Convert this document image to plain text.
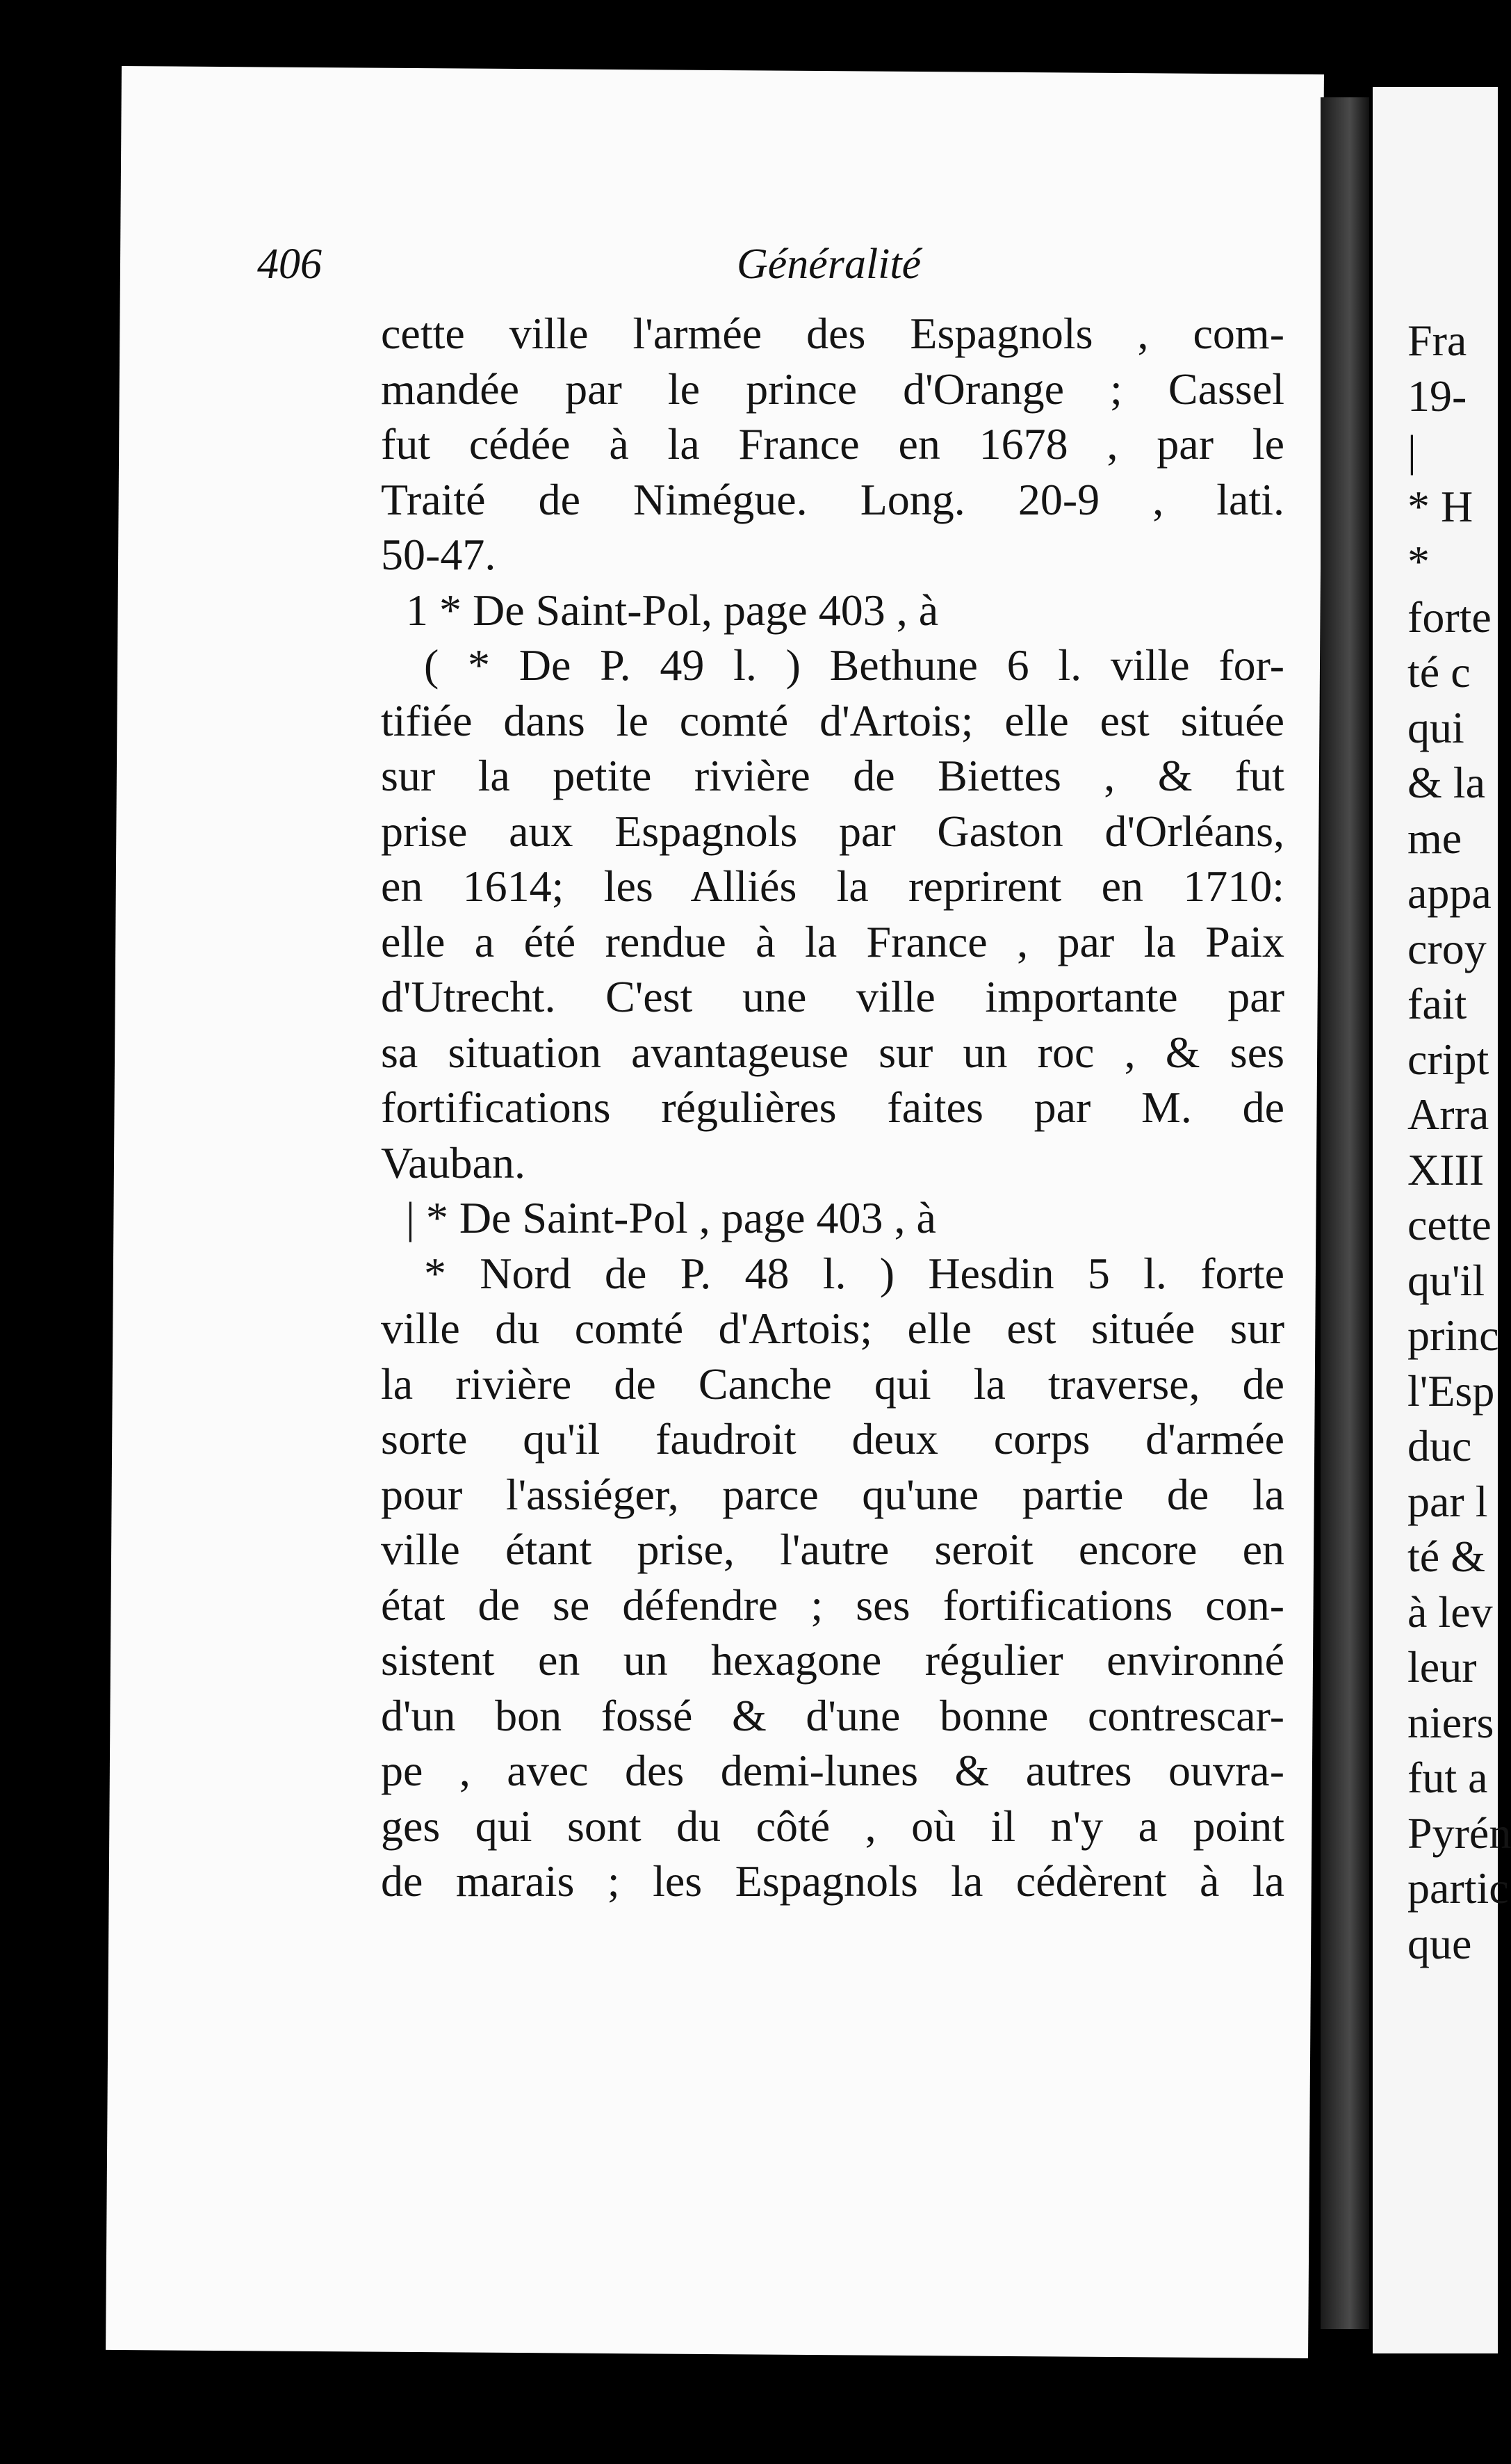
406	Généralité
cette ville l'armée des Espagnols , com-
mandée par le prince d'Orange ; Cassel
fut cédée à la France en 1678 , par le
Traité de Nimégue. Long. 20-9 , lati.
50-47.
1 * De Saint-Pol, page 403 , à
( * De P. 49 l. ) Bethune 6 l. ville for-
tifiée dans le comté d'Artois; elle est située
sur la petite rivière de Biettes , & fut
prise aux Espagnols par Gaston d'Orléans,
en 1614; les Alliés la reprirent en 1710:
elle a été rendue à la France , par la Paix
d'Utrecht. C'est une ville importante par
sa situation avantageuse sur un roc , & ses
fortifications régulières faites par M. de
Vauban.
| * De Saint-Pol , page 403 , à
* Nord de P. 48 l. ) Hesdin 5 l. forte
ville du comté d'Artois; elle est située sur
la rivière de Canche qui la traverse, de
sorte qu'il faudroit deux corps d'armée
pour l'assiéger, parce qu'une partie de la
ville étant prise, l'autre seroit encore en
état de se défendre ; ses fortifications con-
sistent en un hexagone régulier environné
d'un bon fossé & d'une bonne contrescar-
pe , avec des demi-lunes & autres ouvra-
ges qui sont du côté , où il n'y a point
de marais ; les Espagnols la cédèrent à la
Fra
19-
|
* H
*
forte
té c
qui
& la
me
appa
croy
fait
cript
Arra
XIII
cette
qu'il
princ
l'Esp
duc
par l
té &
à lev
leur
niers
fut a
Pyrén
partic
que
